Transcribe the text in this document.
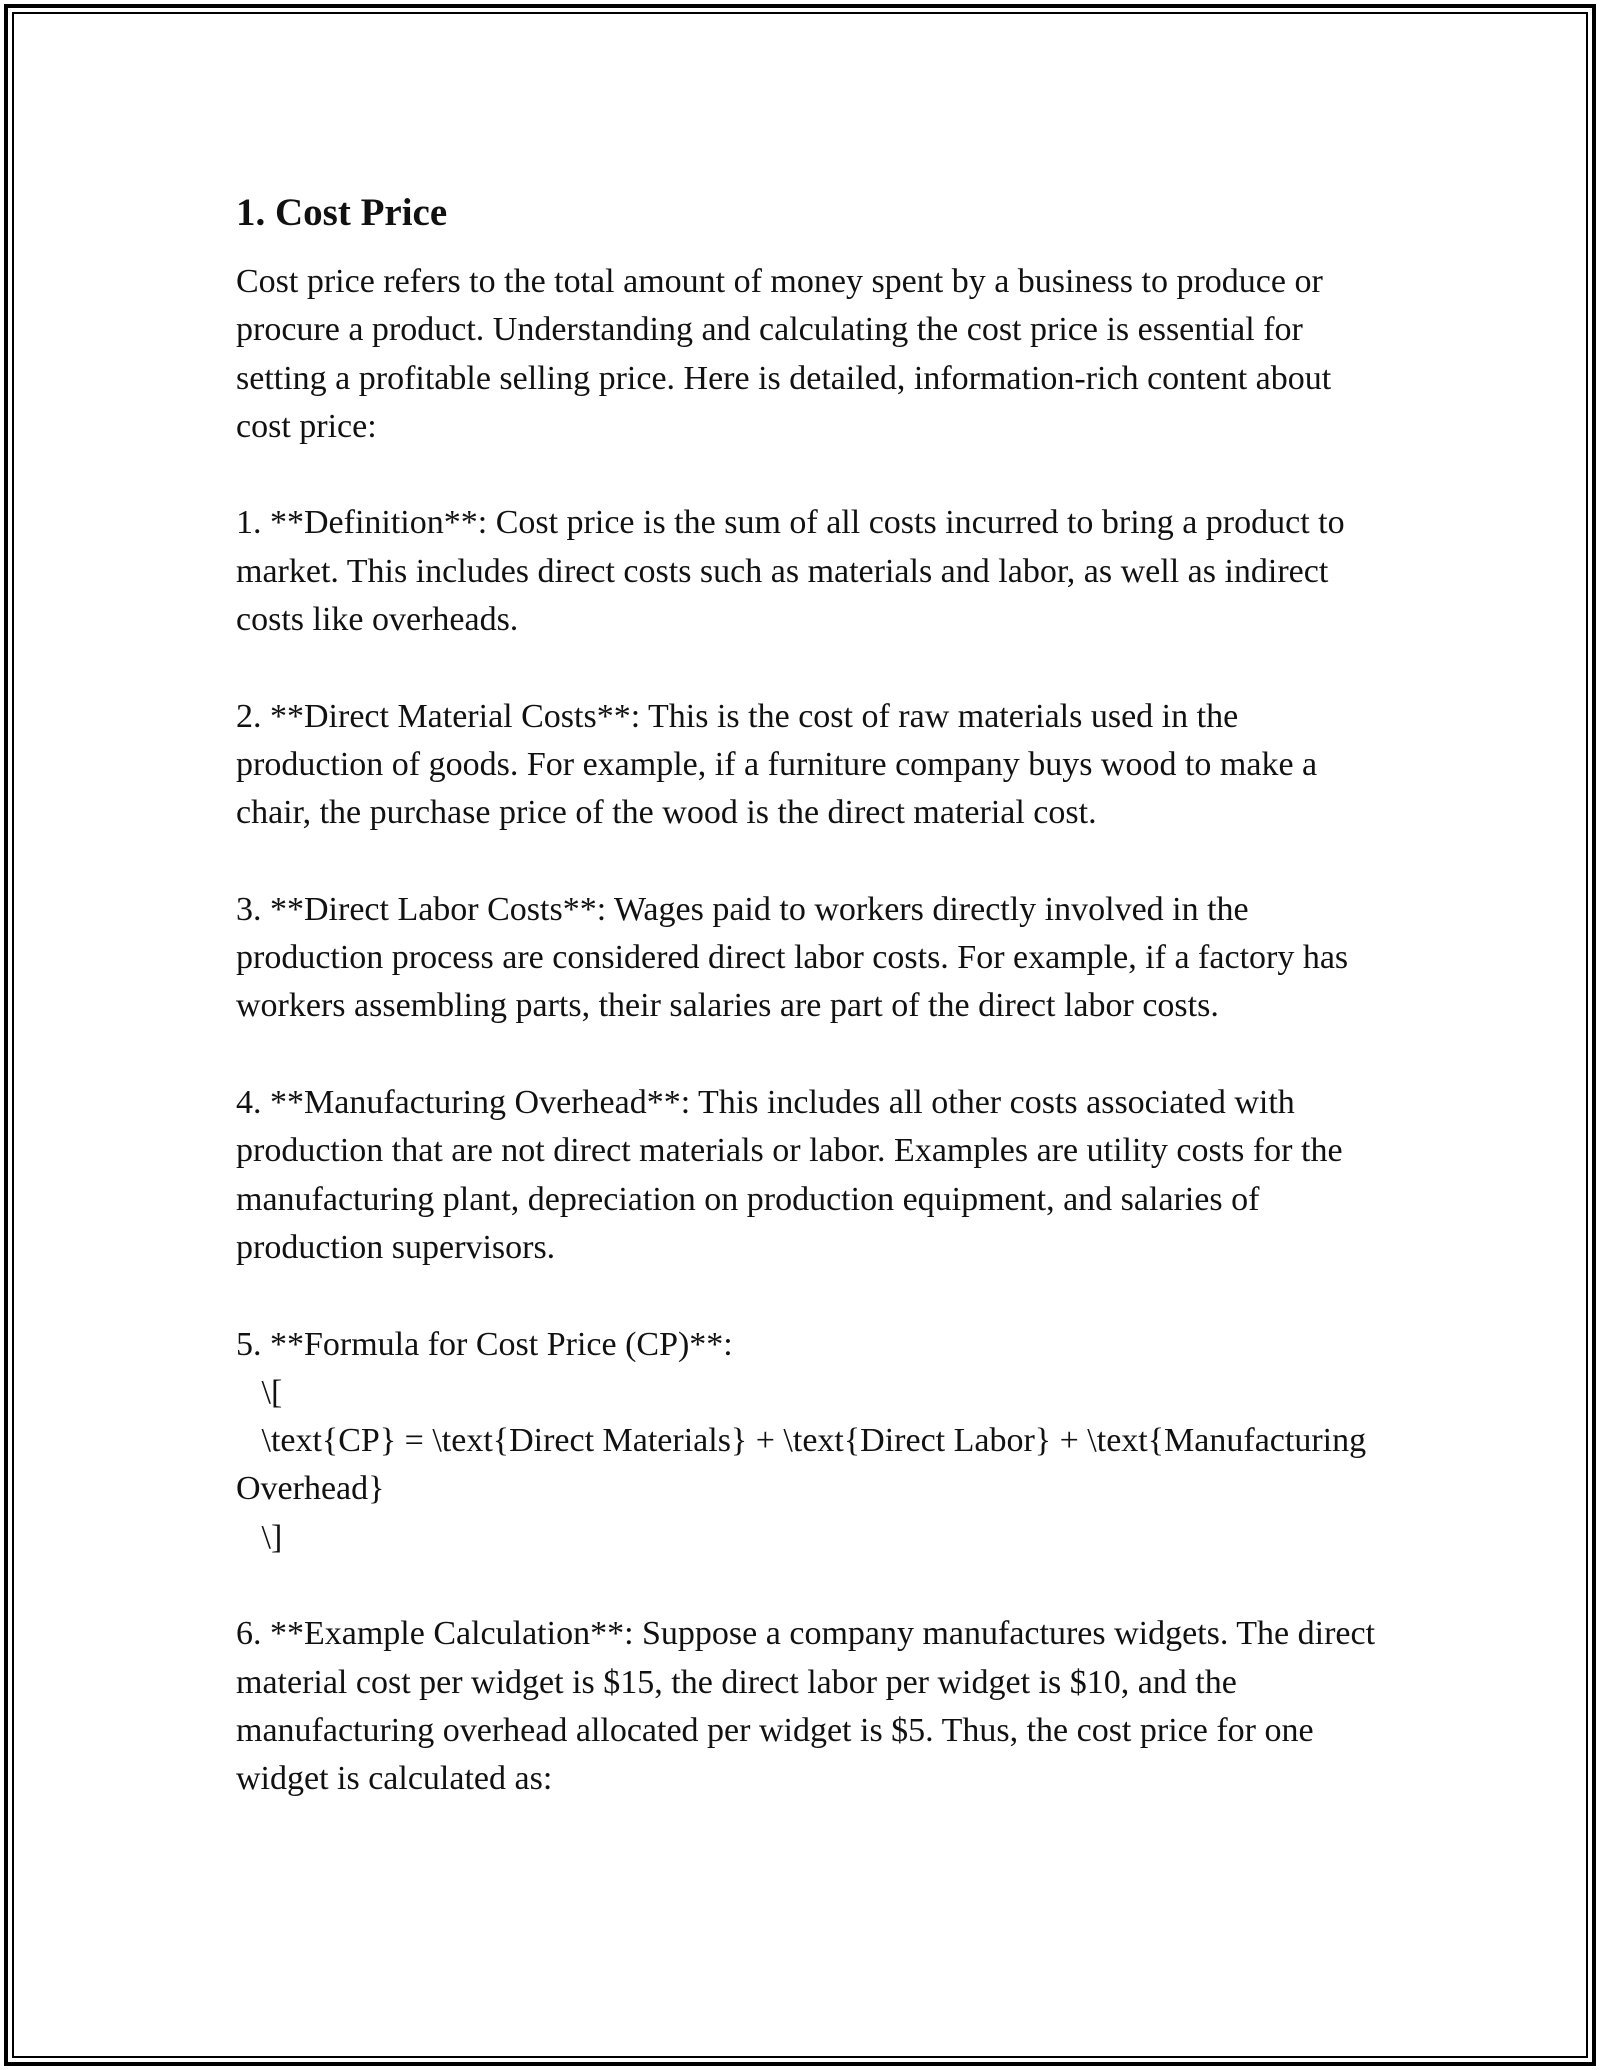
1. Cost Price

Cost price refers to the total amount of money spent by a business to produce or procure a product. Understanding and calculating the cost price is essential for setting a profitable selling price. Here is detailed, information-rich content about cost price:

1. **Definition**: Cost price is the sum of all costs incurred to bring a product to market. This includes direct costs such as materials and labor, as well as indirect costs like overheads.

2. **Direct Material Costs**: This is the cost of raw materials used in the production of goods. For example, if a furniture company buys wood to make a chair, the purchase price of the wood is the direct material cost.

3. **Direct Labor Costs**: Wages paid to workers directly involved in the production process are considered direct labor costs. For example, if a factory has workers assembling parts, their salaries are part of the direct labor costs.

4. **Manufacturing Overhead**: This includes all other costs associated with production that are not direct materials or labor. Examples are utility costs for the manufacturing plant, depreciation on production equipment, and salaries of production supervisors.

5. **Formula for Cost Price (CP)**:
\[
\text{CP} = \text{Direct Materials} + \text{Direct Labor} + \text{Manufacturing Overhead}
\]

6. **Example Calculation**: Suppose a company manufactures widgets. The direct material cost per widget is $15, the direct labor per widget is $10, and the manufacturing overhead allocated per widget is $5. Thus, the cost price for one widget is calculated as:
